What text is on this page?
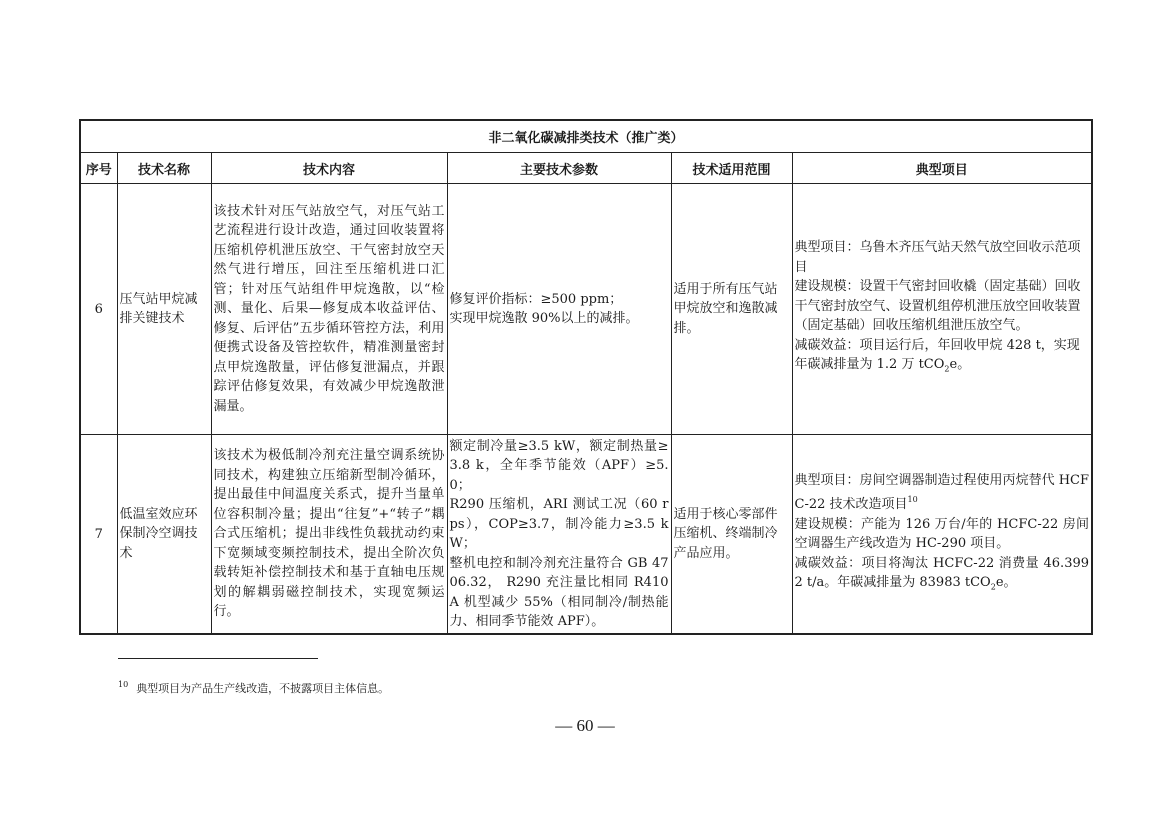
非二氧化碳减排类技术（推广类）					
序号	技术名称	技术内容	主要技术参数	技术适用范围	典型项目
6	压气站甲烷减排关键技术	该技术针对压气站放空气，对压气站工艺流程进行设计改造，通过回收装置将压缩机停机泄压放空、干气密封放空天然气进行增压，回注至压缩机进口汇管；针对压气站组件甲烷逸散，以“检测、量化、后果—修复成本收益评估、修复、后评估”五步循环管控方法，利用便携式设备及管控软件，精准测量密封点甲烷逸散量，评估修复泄漏点，并跟踪评估修复效果，有效减少甲烷逸散泄漏量。	修复评价指标：≥500 ppm；
实现甲烷逸散 90%以上的减排。	适用于所有压气站甲烷放空和逸散减排。	典型项目：乌鲁木齐压气站天然气放空回收示范项目
建设规模：设置干气密封回收橇（固定基础）回收干气密封放空气、设置机组停机泄压放空回收装置（固定基础）回收压缩机组泄压放空气。
减碳效益：项目运行后，年回收甲烷 428 t，实现年碳减排量为 1.2 万 tCO$_2$e。

7	低温室效应环保制冷空调技术	该技术为极低制冷剂充注量空调系统协同技术，构建独立压缩新型制冷循环，提出最佳中间温度关系式，提升当量单位容积制冷量；提出“往复”+“转子”耦合式压缩机；提出非线性负载扰动约束下宽频域变频控制技术，提出全阶次负载转矩补偿控制技术和基于直轴电压规划的解耦弱磁控制技术，实现宽频运行。	额定制冷量≥3.5 kW，额定制热量≥3.8 k，全年季节能效（APF）≥5.0；
R290 压缩机，ARI 测试工况（60 rps），COP≥3.7，制冷能力≥3.5 kW；
整机电控和制冷剂充注量符合 GB 4706.32， R290 充注量比相同 R410A 机型减少 55%（相同制冷/制热能力、相同季节能效 APF）。	适用于核心零部件压缩机、终端制冷产品应用。	典型项目：房间空调器制造过程使用丙烷替代 HCFC-22 技术改造项目$^{10}$
建设规模：产能为 126 万台/年的 HCFC-22 房间空调器生产线改造为 HC-290 项目。
减碳效益：项目将淘汰 HCFC-22 消费量 46.3992 t/a。年碳减排量为 83983 tCO$_2$e。
$^{10}$ 典型项目为产品生产线改造，不披露项目主体信息。
— 60 —
